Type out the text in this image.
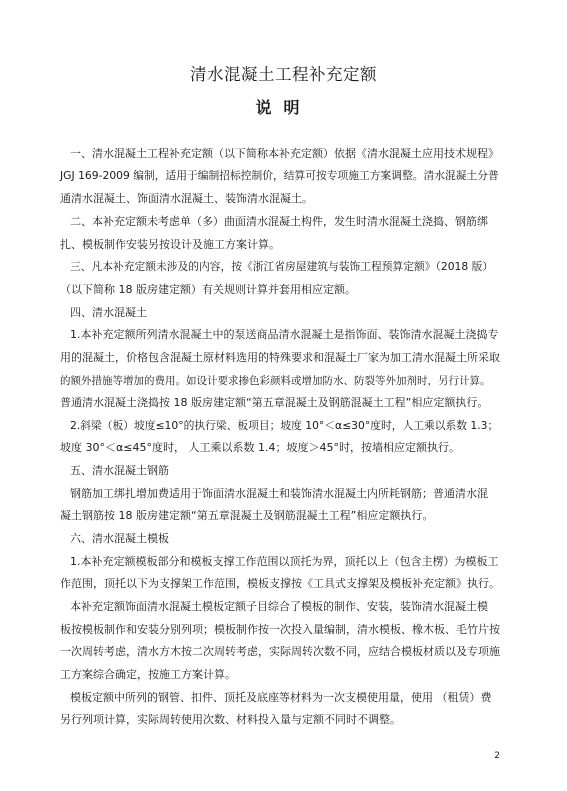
清水混凝土工程补充定额
说明
一、清水混凝土工程补充定额（以下简称本补充定额）依据《清水混凝土应用技术规程》
JGJ 169-2009 编制，适用于编制招标控制价，结算可按专项施工方案调整。清水混凝土分普
通清水混凝土、饰面清水混凝土、装饰清水混凝土。
二、本补充定额未考虑单（多）曲面清水混凝土构件，发生时清水混凝土浇捣、钢筋绑
扎、模板制作安装另按设计及施工方案计算。
三、凡本补充定额未涉及的内容，按《浙江省房屋建筑与装饰工程预算定额》（2018 版）
（以下简称 18 版房建定额）有关规则计算并套用相应定额。
四、清水混凝土
1.本补充定额所列清水混凝土中的泵送商品清水混凝土是指饰面、装饰清水混凝土浇捣专
用的混凝土，价格包含混凝土原材料选用的特殊要求和混凝土厂家为加工清水混凝土所采取
的额外措施等增加的费用。如设计要求掺色彩颜料或增加防水、防裂等外加剂时，另行计算。
普通清水混凝土浇捣按 18 版房建定额“第五章混凝土及钢筋混凝土工程”相应定额执行。
2.斜梁（板）坡度≤10°的执行梁、板项目；坡度 10°＜α≤30°度时，人工乘以系数 1.3；
坡度 30°＜α≤45°度时， 人工乘以系数 1.4；坡度＞45°时，按墙相应定额执行。
五、清水混凝土钢筋
钢筋加工绑扎增加费适用于饰面清水混凝土和装饰清水混凝土内所耗钢筋；普通清水混
凝土钢筋按 18 版房建定额“第五章混凝土及钢筋混凝土工程”相应定额执行。
六、清水混凝土模板
1.本补充定额模板部分和模板支撑工作范围以顶托为界，顶托以上（包含主楞）为模板工
作范围，顶托以下为支撑架工作范围，模板支撑按《工具式支撑架及模板补充定额》执行。
本补充定额饰面清水混凝土模板定额子目综合了模板的制作、安装，装饰清水混凝土模
板按模板制作和安装分别列项；模板制作按一次投入量编制，清水模板、橡木板、毛竹片按
一次周转考虑，清水方木按二次周转考虑，实际周转次数不同，应结合模板材质以及专项施
工方案综合确定，按施工方案计算。
模板定额中所列的钢管、扣件、顶托及底座等材料为一次支模使用量，使用 （租赁）费
另行列项计算，实际周转使用次数、材料投入量与定额不同时不调整。
2
